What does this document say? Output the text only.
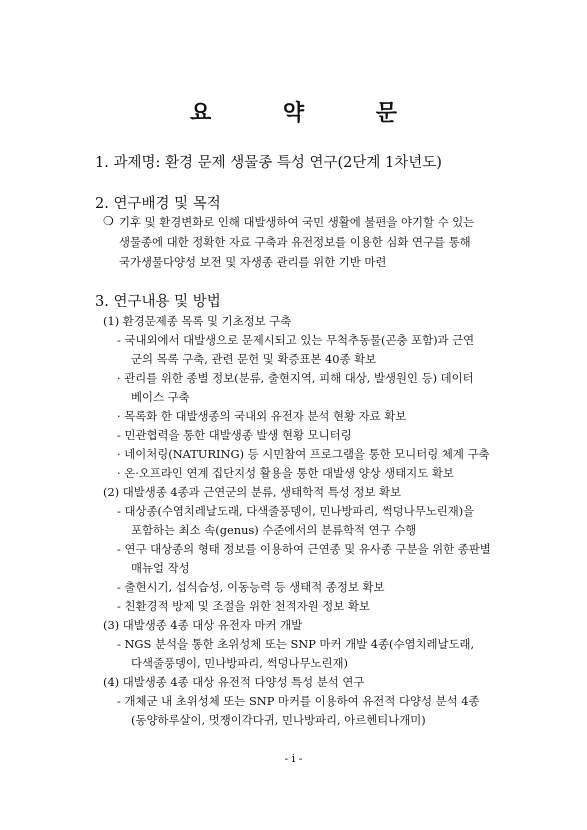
요 약 문
1. 과제명: 환경 문제 생물종 특성 연구(2단계 1차년도)
2. 연구배경 및 목적
❍ 기후 및 환경변화로 인해 대발생하여 국민 생활에 불편을 야기할 수 있는
생물종에 대한 정확한 자료 구축과 유전정보를 이용한 심화 연구를 통해
국가생물다양성 보전 및 자생종 관리를 위한 기반 마련
3. 연구내용 및 방법
(1) 환경문제종 목록 및 기초정보 구축
- 국내외에서 대발생으로 문제시되고 있는 무척추동물(곤충 포함)과 근연
군의 목록 구축, 관련 문헌 및 확증표본 40종 확보
· 관리를 위한 종별 정보(분류, 출현지역, 피해 대상, 발생원인 등) 데이터
베이스 구축
· 목록화 한 대발생종의 국내외 유전자 분석 현황 자료 확보
- 민관협력을 통한 대발생종 발생 현황 모니터링
· 네이처링(NATURING) 등 시민참여 프로그램을 통한 모니터링 체계 구축
· 온·오프라인 연계 집단지성 활용을 통한 대발생 양상 생태지도 확보
(2) 대발생종 4종과 근연군의 분류, 생태학적 특성 정보 확보
- 대상종(수염치레날도래, 다색줄풍뎅이, 민나방파리, 썩덩나무노린재)을
포함하는 최소 속(genus) 수준에서의 분류학적 연구 수행
- 연구 대상종의 형태 정보를 이용하여 근연종 및 유사종 구분을 위한 종판별
매뉴얼 작성
- 출현시기, 섭식습성, 이동능력 등 생태적 종정보 확보
- 친환경적 방제 및 조절을 위한 천적자원 정보 확보
(3) 대발생종 4종 대상 유전자 마커 개발
- NGS 분석을 통한 초위성체 또는 SNP 마커 개발 4종(수염치레날도래,
다색줄풍뎅이, 민나방파리, 썩덩나무노린재)
(4) 대발생종 4종 대상 유전적 다양성 특성 분석 연구
- 개체군 내 초위성체 또는 SNP 마커를 이용하여 유전적 다양성 분석 4종
(동양하루살이, 멋쟁이각다귀, 민나방파리, 아르헨티나개미)
- i -
